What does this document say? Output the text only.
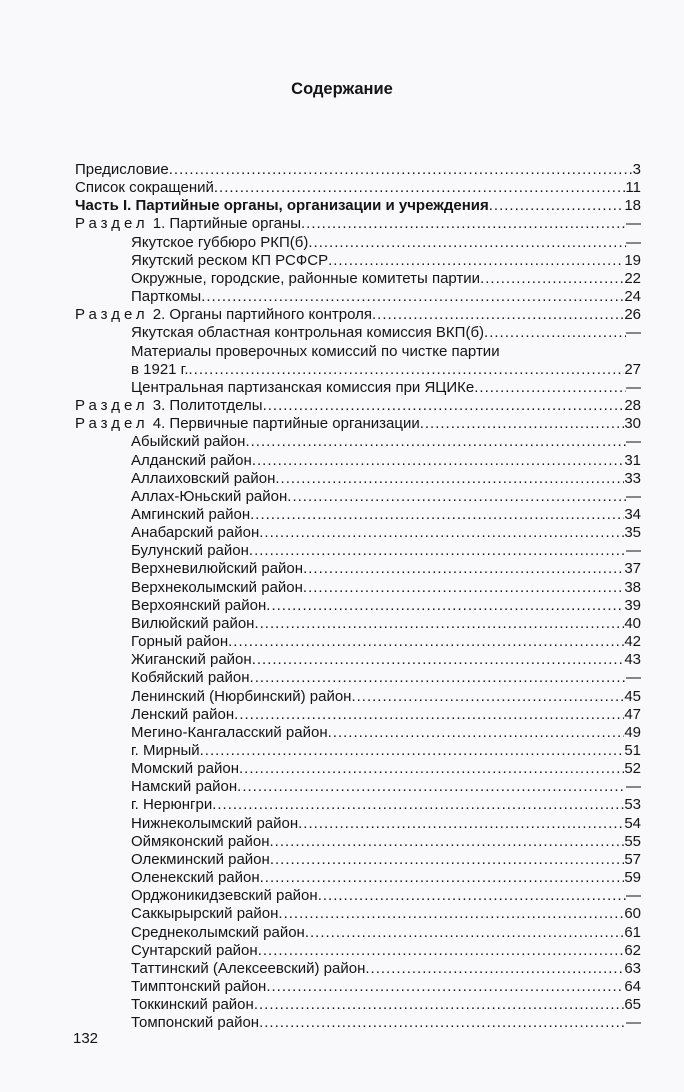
Содержание
Предисловие .....	3
Список сокращений .....	11
Часть I. Партийные органы, организации и учреждения .....	18
Раздел 1. Партийные органы .....	—
Якутское губбюро РКП(б) .....	—
Якутский реском КП РСФСР .....	19
Окружные, городские, районные комитеты партии .....	22
Парткомы .....	24
Раздел 2. Органы партийного контроля .....	26
Якутская областная контрольная комиссия ВКП(б) .....	—
Материалы проверочных комиссий по чистке партии
в 1921 г. .....	27
Центральная партизанская комиссия при ЯЦИКе .....	—
Раздел 3. Политотделы .....	28
Раздел 4. Первичные партийные организации .....	30
Абыйский район .....	—
Алданский район .....	31
Аллаиховский район .....	33
Аллах-Юньский район .....	—
Амгинский район .....	34
Анабарский район .....	35
Булунский район .....	—
Верхневилюйский район .....	37
Верхнеколымский район .....	38
Верхоянский район .....	39
Вилюйский район .....	40
Горный район .....	42
Жиганский район .....	43
Кобяйский район .....	—
Ленинский (Нюрбинский) район .....	45
Ленский район .....	47
Мегино-Кангаласский район .....	49
г. Мирный .....	51
Момский район .....	52
Намский район .....	—
г. Нерюнгри .....	53
Нижнеколымский район .....	54
Оймяконский район .....	55
Олекминский район .....	57
Оленекский район .....	59
Орджоникидзевский район .....	—
Саккырырский район .....	60
Среднеколымский район .....	61
Сунтарский район .....	62
Таттинский (Алексеевский) район .....	63
Тимптонский район .....	64
Токкинский район .....	65
Томпонский район .....	—
132
